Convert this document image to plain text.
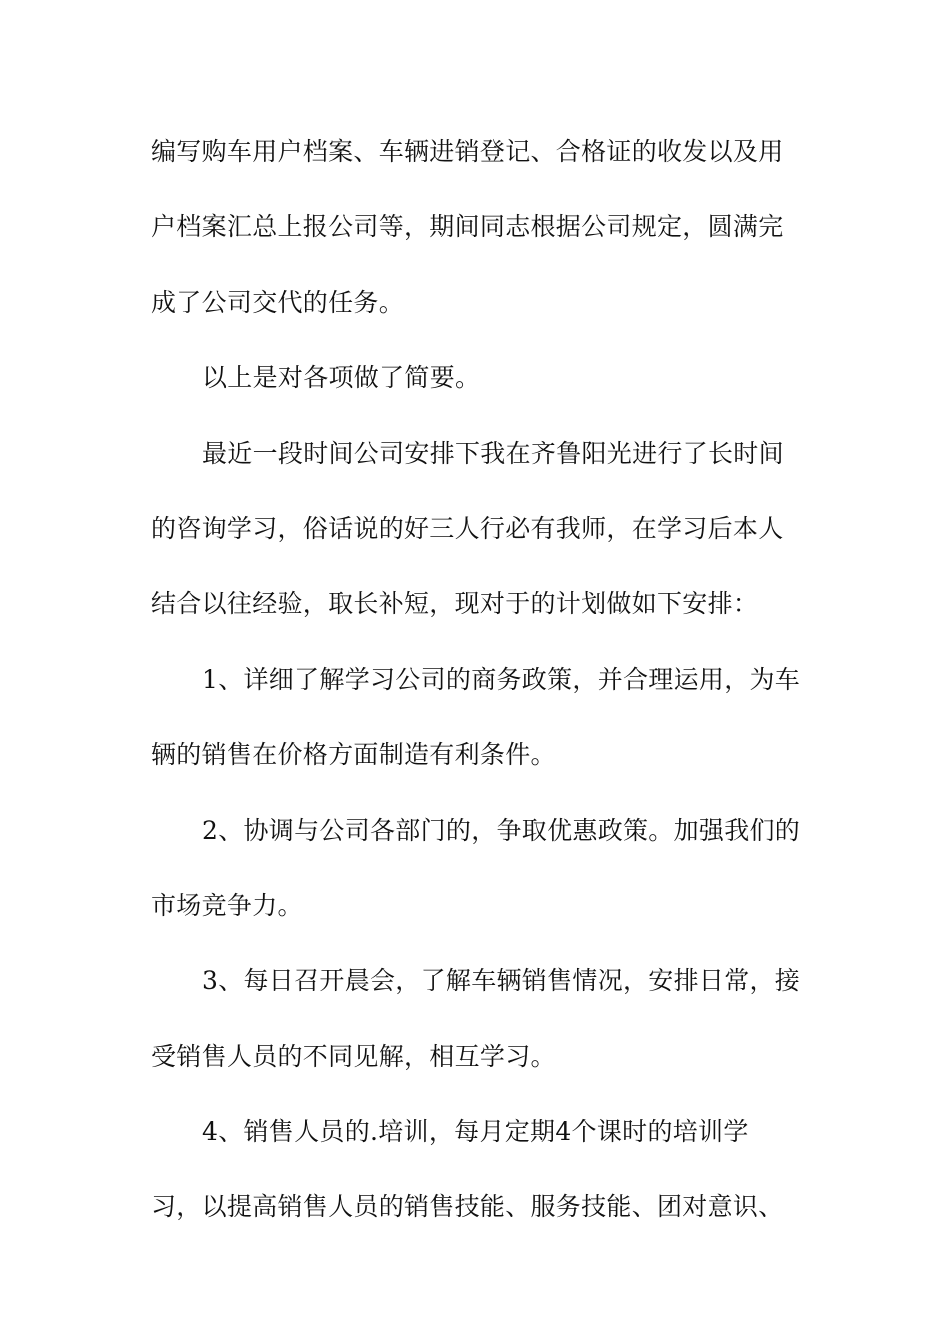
编写购车用户档案、车辆进销登记、合格证的收发以及用
户档案汇总上报公司等，期间同志根据公司规定，圆满完
成了公司交代的任务。
以上是对各项做了简要。
最近一段时间公司安排下我在齐鲁阳光进行了长时间
的咨询学习，俗话说的好三人行必有我师，在学习后本人
结合以往经验，取长补短，现对于的计划做如下安排：
1、详细了解学习公司的商务政策，并合理运用，为车
辆的销售在价格方面制造有利条件。
2、协调与公司各部门的，争取优惠政策。加强我们的
市场竞争力。
3、每日召开晨会，了解车辆销售情况，安排日常，接
受销售人员的不同见解，相互学习。
4、销售人员的.培训，每月定期4个课时的培训学
习，以提高销售人员的销售技能、服务技能、团对意识、
